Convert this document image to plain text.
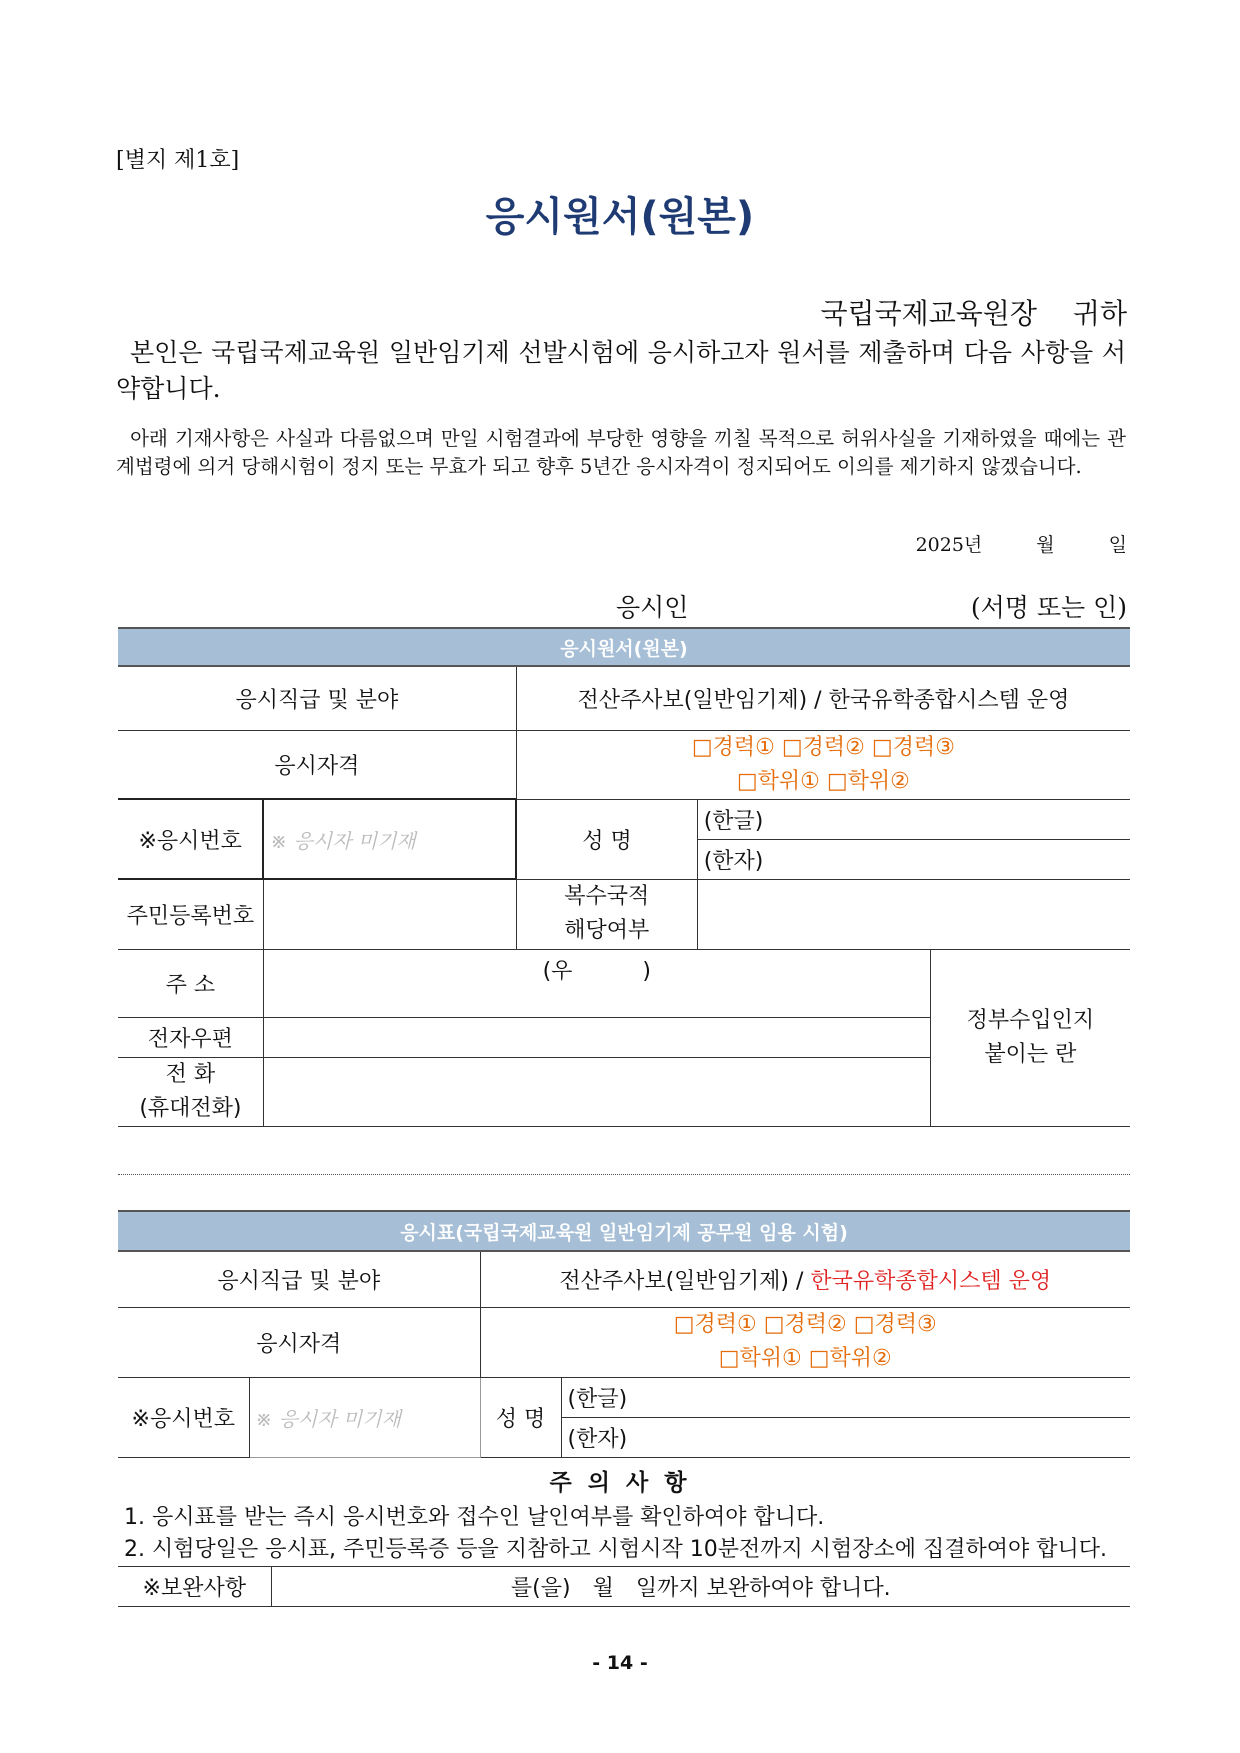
[별지 제1호]
응시원서(원본)
국립국제교육원장 귀하
본인은 국립국제교육원 일반임기제 선발시험에 응시하고자 원서를 제출하며 다음 사항을 서약합니다.
아래 기재사항은 사실과 다름없으며 만일 시험결과에 부당한 영향을 끼칠 목적으로 허위사실을 기재하였을 때에는 관계법령에 의거 당해시험이 정지 또는 무효가 되고 향후 5년간 응시자격이 정지되어도 이의를 제기하지 않겠습니다.
2025년	월	일
응시인	(서명 또는 인)
응시원서(원본)				
응시직급 및 분야		전산주사보(일반임기제) / 한국유학종합시스템 운영		
응시자격		□경력① □경력② □경력③
□학위① □학위②		

※응시번호	※ 응시자 미기재	성 명	(한글)	
			(한자)	
주민등록번호		복수국적
해당여부		

주 소	(우          )			정부수입인지
붙이는 란

전자우편				

전 화
(휴대전화)				

응시표(국립국제교육원 일반임기제 공무원 임용 시험)			
응시직급 및 분야		전산주사보(일반임기제) / 한국유학종합시스템 운영	
응시자격		□경력① □경력② □경력③
□학위① □학위②	

※응시번호	※ 응시자 미기재	성 명	(한글)
			(한자)
주 의 사 항
1. 응시표를 받는 즉시 응시번호와 접수인 날인여부를 확인하여야 합니다.
2. 시험당일은 응시표, 주민등록증 등을 지참하고 시험시작 10분전까지 시험장소에 집결하여야 합니다.
※보완사항	를(을) 월 일까지 보완하여야 합니다.
- 14 -
